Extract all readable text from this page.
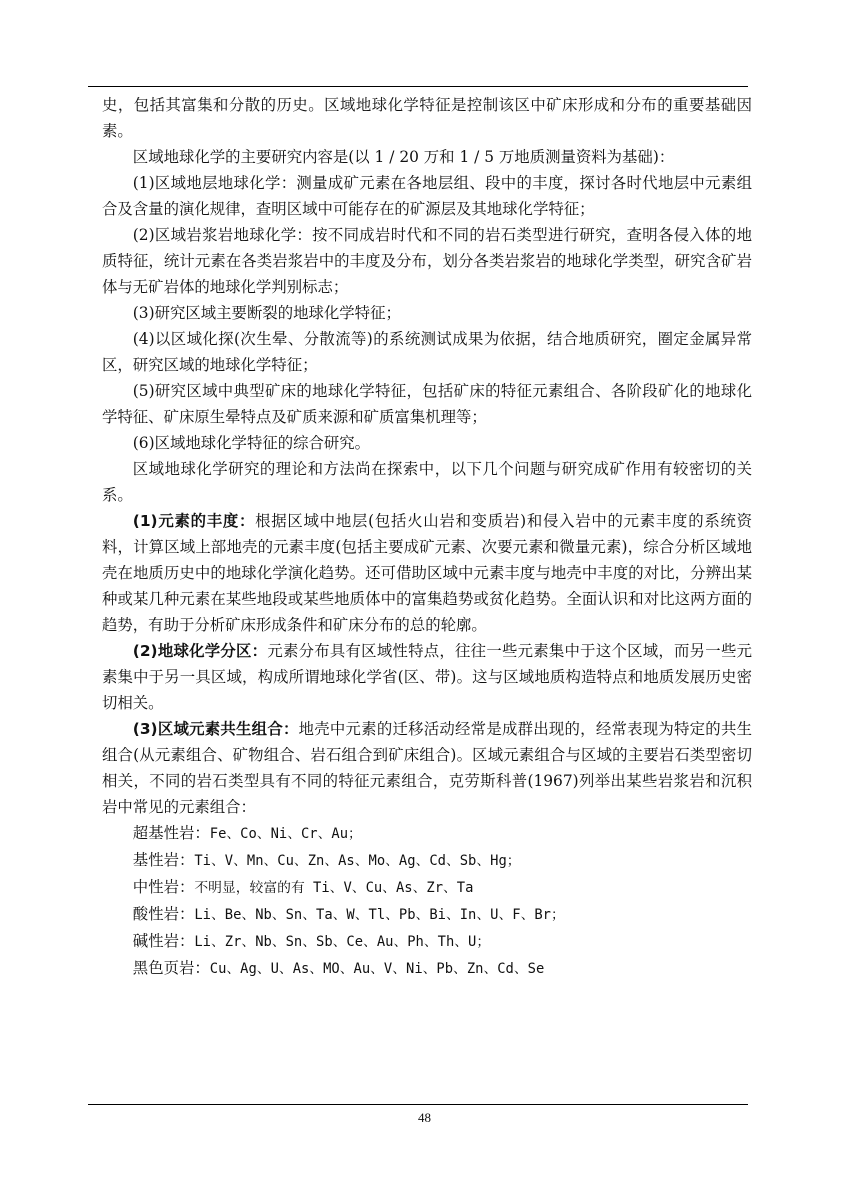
史，包括其富集和分散的历史。区域地球化学特征是控制该区中矿床形成和分布的重要基础因素。

区域地球化学的主要研究内容是(以 1 / 20 万和 1 / 5 万地质测量资料为基础)：

(1)区域地层地球化学：测量成矿元素在各地层组、段中的丰度，探讨各时代地层中元素组合及含量的演化规律，查明区域中可能存在的矿源层及其地球化学特征；

(2)区域岩浆岩地球化学：按不同成岩时代和不同的岩石类型进行研究，查明各侵入体的地质特征，统计元素在各类岩浆岩中的丰度及分布，划分各类岩浆岩的地球化学类型，研究含矿岩体与无矿岩体的地球化学判别标志；

(3)研究区域主要断裂的地球化学特征；

(4)以区域化探(次生晕、分散流等)的系统测试成果为依据，结合地质研究，圈定金属异常区，研究区域的地球化学特征；

(5)研究区域中典型矿床的地球化学特征，包括矿床的特征元素组合、各阶段矿化的地球化学特征、矿床原生晕特点及矿质来源和矿质富集机理等；

(6)区域地球化学特征的综合研究。

区域地球化学研究的理论和方法尚在探索中，以下几个问题与研究成矿作用有较密切的关系。

(1)元素的丰度：根据区域中地层(包括火山岩和变质岩)和侵入岩中的元素丰度的系统资料，计算区域上部地壳的元素丰度(包括主要成矿元素、次要元素和微量元素)，综合分析区域地壳在地质历史中的地球化学演化趋势。还可借助区域中元素丰度与地壳中丰度的对比，分辨出某种或某几种元素在某些地段或某些地质体中的富集趋势或贫化趋势。全面认识和对比这两方面的趋势，有助于分析矿床形成条件和矿床分布的总的轮廓。

(2)地球化学分区：元素分布具有区域性特点，往往一些元素集中于这个区域，而另一些元素集中于另一具区域，构成所谓地球化学省(区、带)。这与区域地质构造特点和地质发展历史密切相关。

(3)区域元素共生组合：地壳中元素的迁移活动经常是成群出现的，经常表现为特定的共生组合(从元素组合、矿物组合、岩石组合到矿床组合)。区域元素组合与区域的主要岩石类型密切相关，不同的岩石类型具有不同的特征元素组合，克劳斯科普(1967)列举出某些岩浆岩和沉积岩中常见的元素组合：

超基性岩：Fe、Co、Ni、Cr、Au；

基性岩：Ti、V、Mn、Cu、Zn、As、Mo、Ag、Cd、Sb、Hg；

中性岩：不明显，较富的有 Ti、V、Cu、As、Zr、Ta

酸性岩：Li、Be、Nb、Sn、Ta、W、Tl、Pb、Bi、In、U、F、Br；

碱性岩：Li、Zr、Nb、Sn、Sb、Ce、Au、Ph、Th、U；

黑色页岩：Cu、Ag、U、As、MO、Au、V、Ni、Pb、Zn、Cd、Se

48
